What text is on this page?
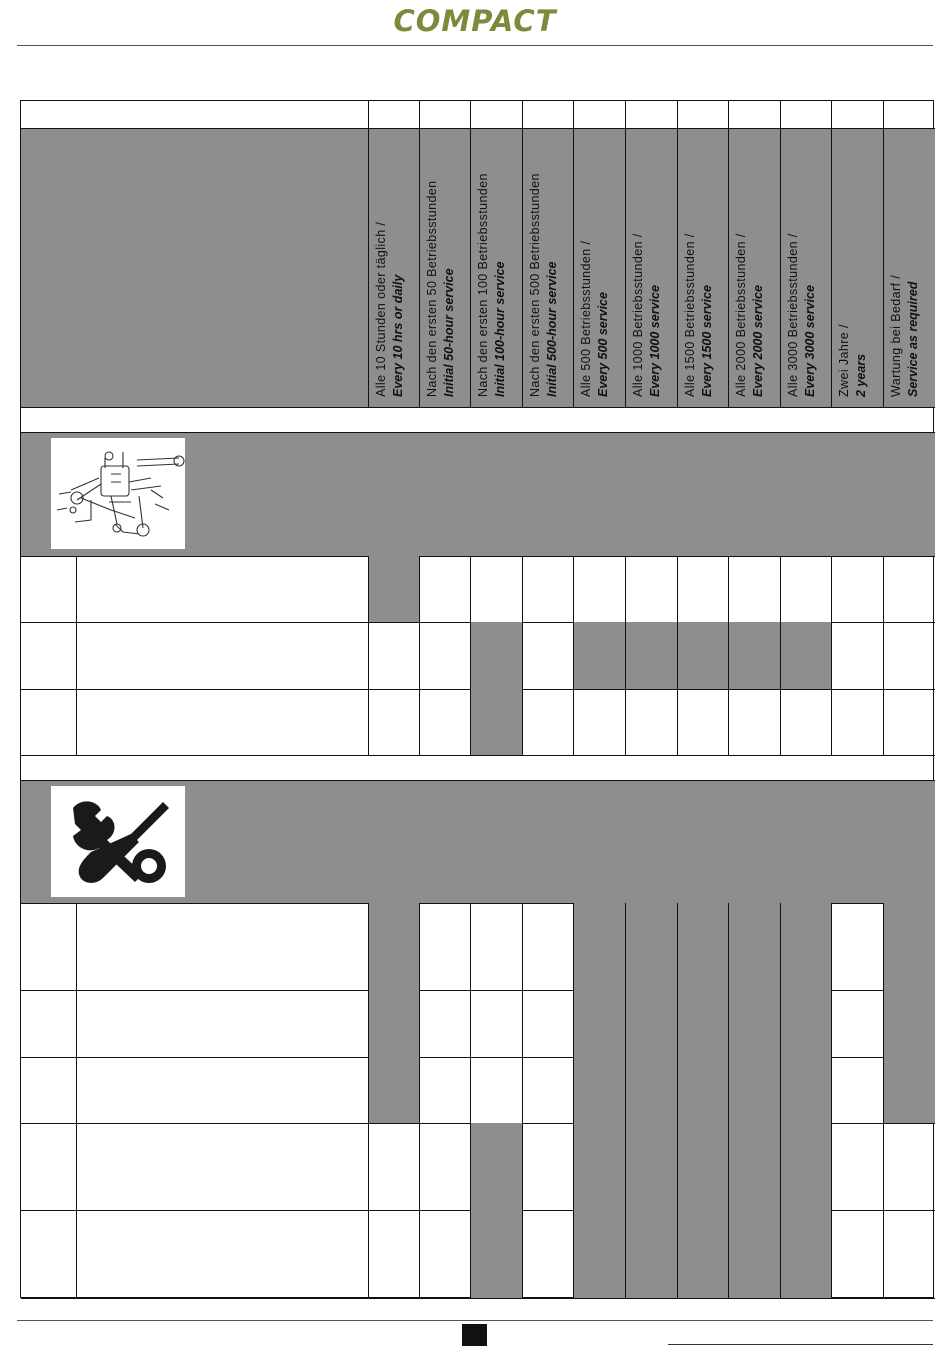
COMPACT
Alle 10 Stunden oder täglich / Every 10 hrs or daily Nach den ersten 50 Betriebsstunden Initial 50-hour service Nach den ersten 100 Betriebsstunden Initial 100-hour service Nach den ersten 500 Betriebsstunden Initial 500-hour service Alle 500 Betriebsstunden / Every 500 service Alle 1000 Betriebsstunden / Every 1000 service Alle 1500 Betriebsstunden / Every 1500 service Alle 2000 Betriebsstunden / Every 2000 service Alle 3000 Betriebsstunden / Every 3000 service Zwei Jahre / 2 years Wartung bei Bedarf / Service as required
